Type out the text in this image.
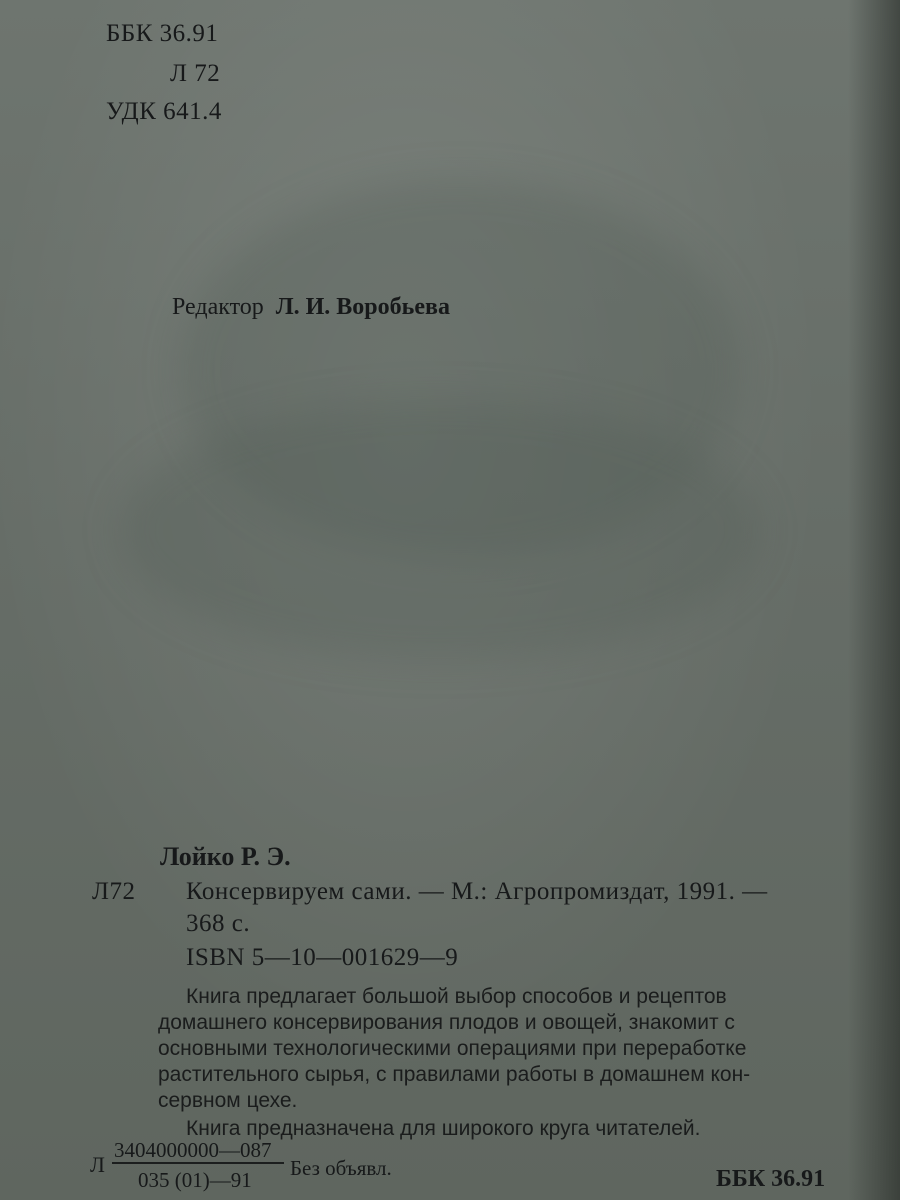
ББК 36.91
Л 72
УДК 641.4
Редактор Л. И. Воробьева
Лойко Р. Э.
Л72 Консервируем сами. — М.: Агропромиздат, 1991. —
368 с.
ISBN 5—10—001629—9
Книга предлагает большой выбор способов и рецептов
домашнего консервирования плодов и овощей, знакомит с
основными технологическими операциями при переработке
растительного сырья, с правилами работы в домашнем кон-
сервном цехе.
Книга предназначена для широкого круга читателей.
Л
3404000000—087
035 (01)—91 Без объявл.	ББК 36.91
